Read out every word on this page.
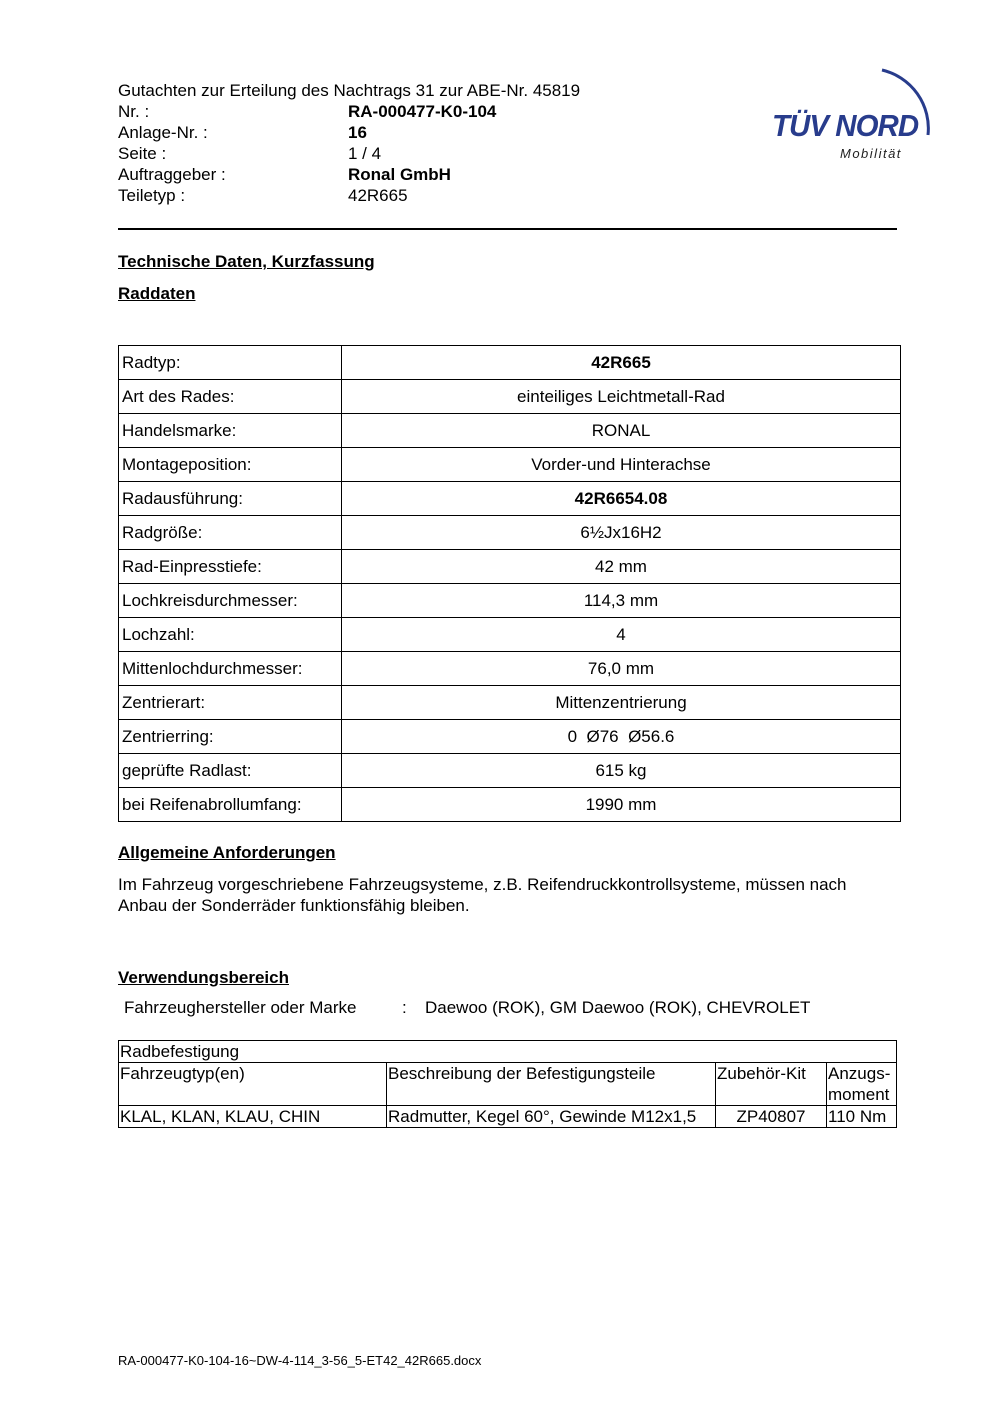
Gutachten zur Erteilung des Nachtrags 31 zur ABE-Nr. 45819
Nr. :	RA-000477-K0-104
Anlage-Nr. :	16
Seite :	1 / 4
Auftraggeber :	Ronal GmbH
Teiletyp :	42R665
TÜV NORD
Mobilität
Technische Daten, Kurzfassung
Raddaten
Radtyp:	42R665
Art des Rades:	einteiliges Leichtmetall-Rad
Handelsmarke:	RONAL
Montageposition:	Vorder-und Hinterachse
Radausführung:	42R6654.08
Radgröße:	6½Jx16H2
Rad-Einpresstiefe:	42 mm
Lochkreisdurchmesser:	114,3 mm
Lochzahl:	4
Mittenlochdurchmesser:	76,0 mm
Zentrierart:	Mittenzentrierung
Zentrierring:	0  Ø76  Ø56.6
geprüfte Radlast:	615 kg
bei Reifenabrollumfang:	1990 mm
Allgemeine Anforderungen
Im Fahrzeug vorgeschriebene Fahrzeugsysteme, z.B. Reifendruckkontrollsysteme, müssen nach Anbau der Sonderräder funktionsfähig bleiben.
Verwendungsbereich
Fahrzeughersteller oder Marke	: Daewoo (ROK), GM Daewoo (ROK), CHEVROLET
Radbefestigung			
Fahrzeugtyp(en)	Beschreibung der Befestigungsteile	Zubehör-Kit	Anzugs-moment
KLAL, KLAN, KLAU, CHIN	Radmutter, Kegel 60°, Gewinde M12x1,5	ZP40807	110 Nm
RA-000477-K0-104-16~DW-4-114_3-56_5-ET42_42R665.docx
